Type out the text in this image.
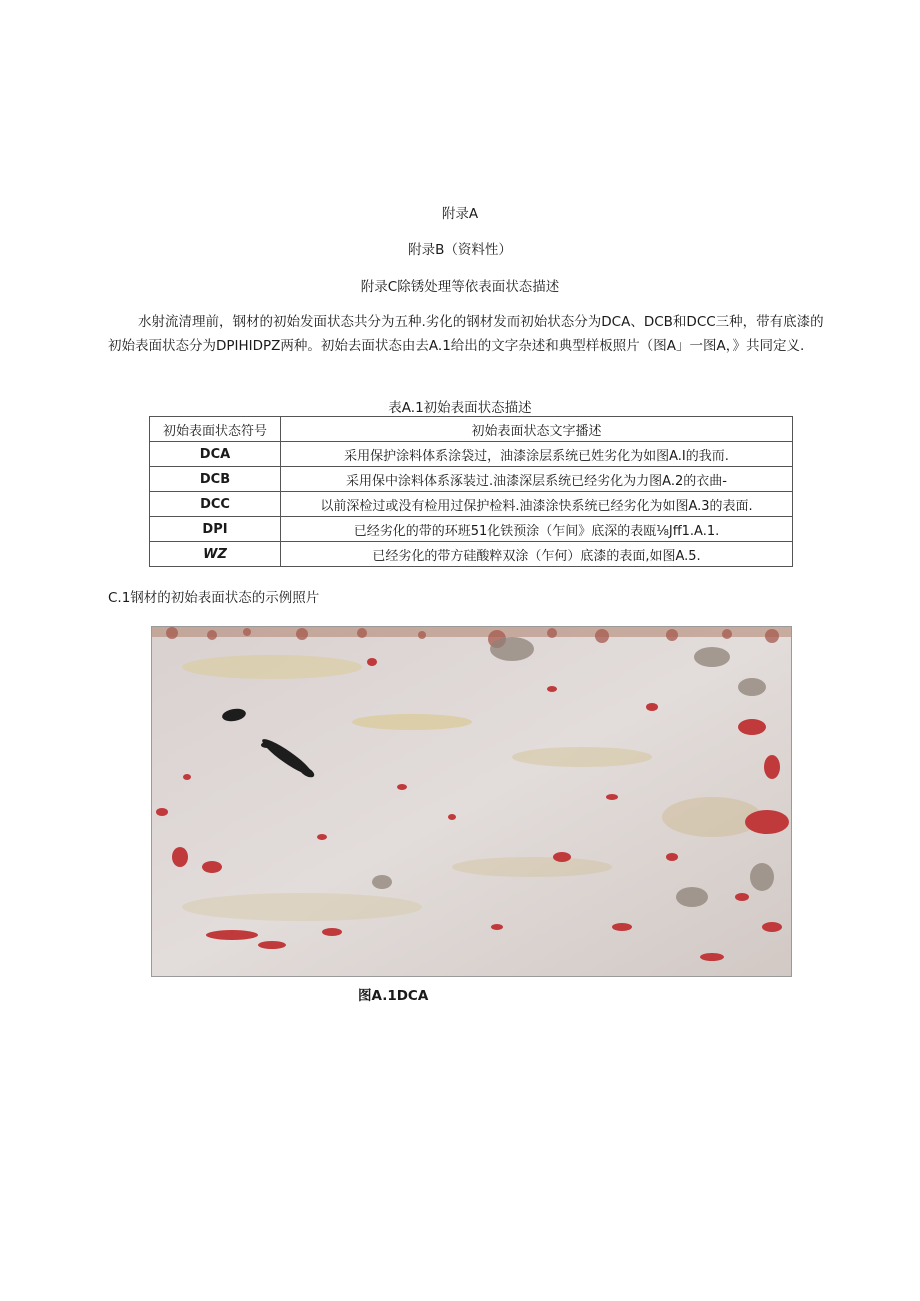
附录A
附录B（资料性）
附录C除锈处理等依表面状态描述
水射流清理前，钢材的初始发面状态共分为五种.劣化的钢材发而初始状态分为DCA、DCB和DCC三种，带有底漆的初始表面状态分为DPIHIDPZ两种。初始去面状态由去A.1给出的文字杂述和典型样板照片（图A」一图A，》共同定义.
表A.1初始表面状态描述
初始表面状态符号	初始表面状态文字播述
DCA	采用保护涂料体系涂袋过，油漆涂层系统已姓劣化为如图A.I的我而.
DCB	采用保中涂料体系涿装过.油漆深层系统已经劣化为力图A.2的衣曲-
DCC	以前深检过或没有检用过保护检料.油漆涂快系统已经劣化为如图A.3的表面.
DPI	已经劣化的带的环班51化铁预涂（乍间》底深的表瓯⅛Jff1.A.1.
WZ	已经劣化的带方硅酸粹双涂（乍何）底漆的表面,如图A.5.
C.1钢材的初始表面状态的示例照片
图A.1DCA
